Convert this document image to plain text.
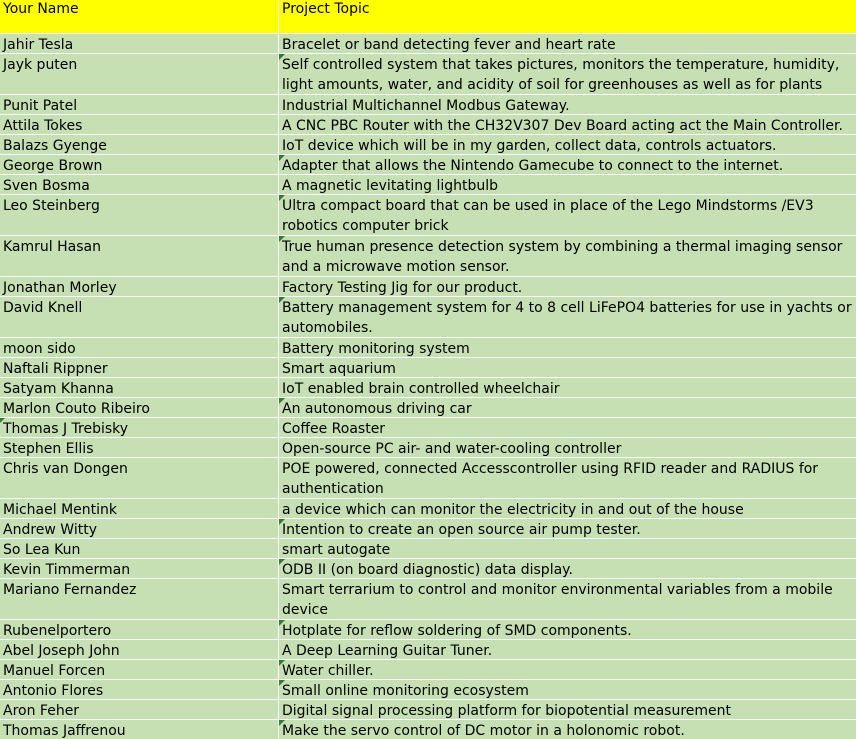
Your Name	Project Topic
Jahir Tesla	Bracelet or band detecting fever and heart rate
Jayk puten	Self controlled system that takes pictures, monitors the temperature, humidity, light amounts, water, and acidity of soil for greenhouses as well as for plants
Punit Patel	Industrial Multichannel Modbus Gateway.
Attila Tokes	A CNC PBC Router with the CH32V307 Dev Board acting act the Main Controller.
Balazs Gyenge	IoT device which will be in my garden, collect data, controls actuators.
George Brown	Adapter that allows the Nintendo Gamecube to connect to the internet.
Sven Bosma	A magnetic levitating lightbulb
Leo Steinberg	Ultra compact board that can be used in place of the Lego Mindstorms /EV3 robotics computer brick
Kamrul Hasan	True human presence detection system by combining a thermal imaging sensor and a microwave motion sensor.
Jonathan Morley	Factory Testing Jig for our product.
David Knell	Battery management system for 4 to 8 cell LiFePO4 batteries for use in yachts or automobiles.
moon sido	Battery monitoring system
Naftali Rippner	Smart aquarium
Satyam Khanna	IoT enabled brain controlled wheelchair
Marlon Couto Ribeiro	An autonomous driving car
Thomas J Trebisky	Coffee Roaster
Stephen Ellis	Open-source PC air- and water-cooling controller
Chris van Dongen	POE powered, connected Accesscontroller using RFID reader and RADIUS for authentication
Michael Mentink	a device which can monitor the electricity in and out of the house
Andrew Witty	Intention to create an open source air pump tester.
So Lea Kun	smart autogate
Kevin Timmerman	ODB II (on board diagnostic) data display.
Mariano Fernandez	Smart terrarium to control and monitor environmental variables from a mobile device
Rubenelportero	Hotplate for reflow soldering of SMD components.
Abel Joseph John	A Deep Learning Guitar Tuner.
Manuel Forcen	Water chiller.
Antonio Flores	Small online monitoring ecosystem
Aron Feher	Digital signal processing platform for biopotential measurement
Thomas Jaffrenou	Make the servo control of DC motor in a holonomic robot.
